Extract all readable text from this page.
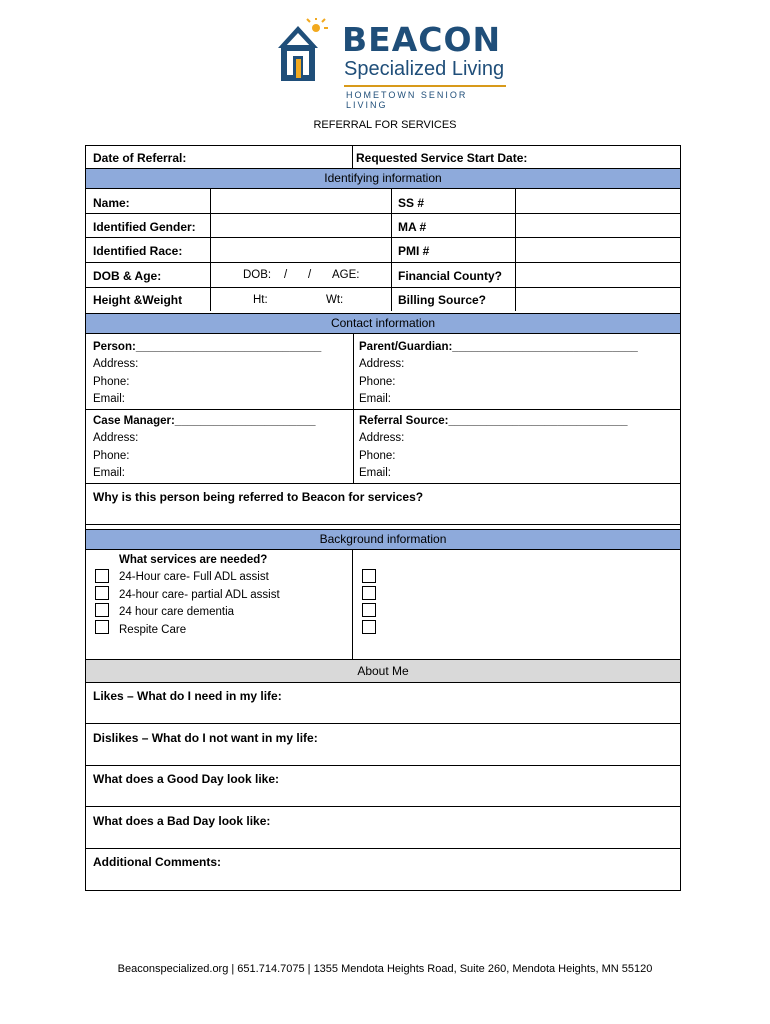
BEACON
Specialized Living
HOMETOWN SENIOR LIVING
REFERRAL FOR SERVICES
Date of Referral:	Requested Service Start Date:
Identifying information
Name:
Identified Gender:
Identified Race:
DOB & Age:
Height &Weight
DOB: / / AGE:
Ht:	Wt:
SS #
MA #
PMI #
Financial County?
Billing Source?
Contact information
Person:_____________________________
Address:
Phone:
Email:
Parent/Guardian:_____________________________
Address:
Phone:
Email:
Case Manager:______________________
Address:
Phone:
Email:
Referral Source:____________________________
Address:
Phone:
Email:
Why is this person being referred to Beacon for services?
Background information
What services are needed?
24-Hour care- Full ADL assist
24-hour care- partial ADL assist
24 hour care dementia
Respite Care
About Me
Likes – What do I need in my life:
Dislikes – What do I not want in my life:
What does a Good Day look like:
What does a Bad Day look like:
Additional Comments:
Beaconspecialized.org | 651.714.7075 | 1355 Mendota Heights Road, Suite 260, Mendota Heights, MN 55120
